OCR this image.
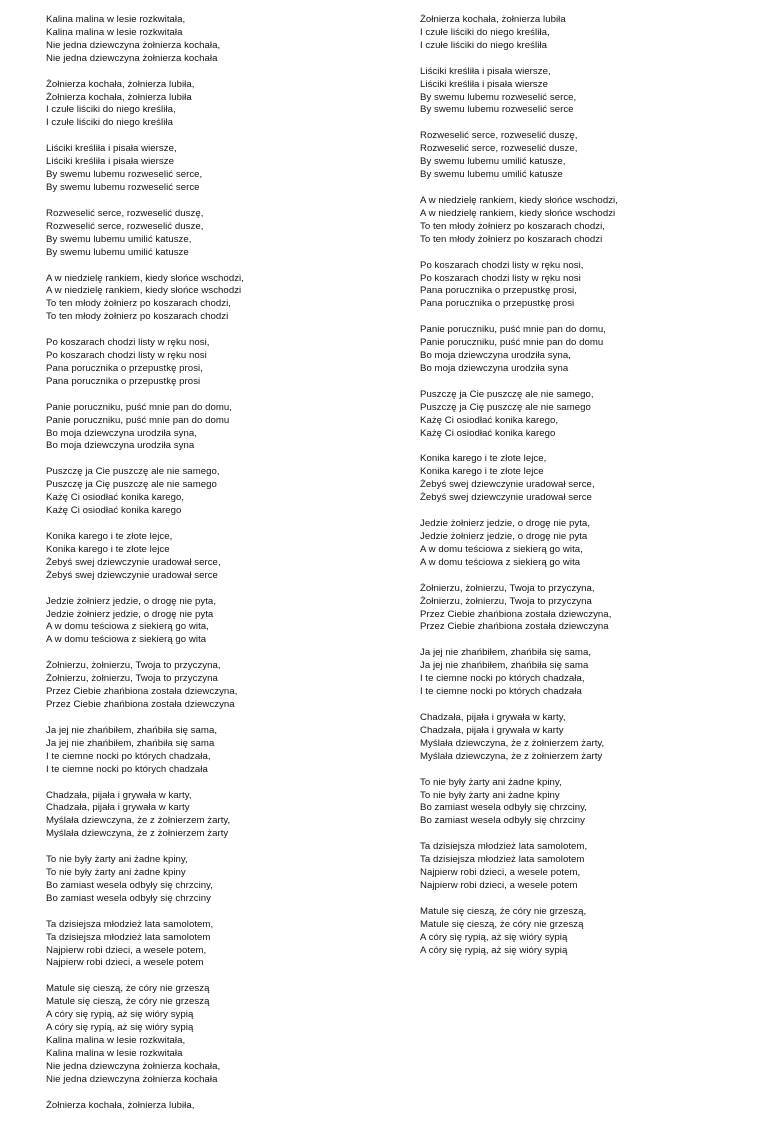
Kalina malina w lesie rozkwitała,
Kalina malina w lesie rozkwitała
Nie jedna dziewczyna żołnierza kochała,
Nie jedna dziewczyna żołnierza kochała
Żołnierza kochała, żołnierza lubiła,
Żołnierza kochała, żołnierza lubiła
I czułe liściki do niego kreśliła,
I czułe liściki do niego kreśliła
Liściki kreśliła i pisała wiersze,
Liściki kreśliła i pisała wiersze
By swemu lubemu rozweselić serce,
By swemu lubemu rozweselić serce
Rozweselić serce, rozweselić duszę,
Rozweselić serce, rozweselić dusze,
By swemu lubemu umilić katusze,
By swemu lubemu umilić katusze
A w niedzielę rankiem, kiedy słońce wschodzi,
A w niedzielę rankiem, kiedy słońce wschodzi
To ten młody żołnierz po koszarach chodzi,
To ten młody żołnierz po koszarach chodzi
Po koszarach chodzi listy w ręku nosi,
Po koszarach chodzi listy w ręku nosi
Pana porucznika o przepustkę prosi,
Pana porucznika o przepustkę prosi
Panie poruczniku, puść mnie pan do domu,
Panie poruczniku, puść mnie pan do domu
Bo moja dziewczyna urodziła syna,
Bo moja dziewczyna urodziła syna
Puszczę ja Cie puszczę ale nie samego,
Puszczę ja Cię puszczę ale nie samego
Każę Ci osiodłać konika karego,
Każę Ci osiodłać konika karego
Konika karego i te złote lejce,
Konika karego i te złote lejce
Żebyś swej dziewczynie uradował serce,
Żebyś swej dziewczynie uradował serce
Jedzie żołnierz jedzie, o drogę nie pyta,
Jedzie żołnierz jedzie, o drogę nie pyta
A w domu teściowa z siekierą go wita,
A w domu teściowa z siekierą go wita
Żołnierzu, żołnierzu, Twoja to przyczyna,
Żołnierzu, żołnierzu, Twoja to przyczyna
Przez Ciebie zhańbiona została dziewczyna,
Przez Ciebie zhańbiona została dziewczyna
Ja jej nie zhańbiłem, zhańbiła się sama,
Ja jej nie zhańbiłem, zhańbiła się sama
I te ciemne nocki po których chadzała,
I te ciemne nocki po których chadzała
Chadzała, pijała i grywała w karty,
Chadzała, pijała i grywała w karty
Myślała dziewczyna, że z żołnierzem żarty,
Myślała dziewczyna, że z żołnierzem żarty
To nie były żarty ani żadne kpiny,
To nie były żarty ani żadne kpiny
Bo zamiast wesela odbyły się chrzciny,
Bo zamiast wesela odbyły się chrzciny
Ta dzisiejsza młodzież lata samolotem,
Ta dzisiejsza młodzież lata samolotem
Najpierw robi dzieci, a wesele potem,
Najpierw robi dzieci, a wesele potem
Matule się cieszą, że córy nie grzeszą
Matule się cieszą, że córy nie grzeszą
A córy się rypią, aż się wióry sypią
A córy się rypią, aż się wióry sypią
Kalina malina w lesie rozkwitała,
Kalina malina w lesie rozkwitała
Nie jedna dziewczyna żołnierza kochała,
Nie jedna dziewczyna żołnierza kochała
Żołnierza kochała, żołnierza lubiła,
Żołnierza kochała, żołnierza lubiła
I czułe liściki do niego kreśliła,
I czułe liściki do niego kreśliła
Liściki kreśliła i pisała wiersze,
Liściki kreśliła i pisała wiersze
By swemu lubemu rozweselić serce,
By swemu lubemu rozweselić serce
Rozweselić serce, rozweselić duszę,
Rozweselić serce, rozweselić dusze,
By swemu lubemu umilić katusze,
By swemu lubemu umilić katusze
A w niedzielę rankiem, kiedy słońce wschodzi,
A w niedzielę rankiem, kiedy słońce wschodzi
To ten młody żołnierz po koszarach chodzi,
To ten młody żołnierz po koszarach chodzi
Po koszarach chodzi listy w ręku nosi,
Po koszarach chodzi listy w ręku nosi
Pana porucznika o przepustkę prosi,
Pana porucznika o przepustkę prosi
Panie poruczniku, puść mnie pan do domu,
Panie poruczniku, puść mnie pan do domu
Bo moja dziewczyna urodziła syna,
Bo moja dziewczyna urodziła syna
Puszczę ja Cie puszczę ale nie samego,
Puszczę ja Cię puszczę ale nie samego
Każę Ci osiodłać konika karego,
Każę Ci osiodłać konika karego
Konika karego i te złote lejce,
Konika karego i te złote lejce
Żebyś swej dziewczynie uradował serce,
Żebyś swej dziewczynie uradował serce
Jedzie żołnierz jedzie, o drogę nie pyta,
Jedzie żołnierz jedzie, o drogę nie pyta
A w domu teściowa z siekierą go wita,
A w domu teściowa z siekierą go wita
Żołnierzu, żołnierzu, Twoja to przyczyna,
Żołnierzu, żołnierzu, Twoja to przyczyna
Przez Ciebie zhańbiona została dziewczyna,
Przez Ciebie zhańbiona została dziewczyna
Ja jej nie zhańbiłem, zhańbiła się sama,
Ja jej nie zhańbiłem, zhańbiła się sama
I te ciemne nocki po których chadzała,
I te ciemne nocki po których chadzała
Chadzała, pijała i grywała w karty,
Chadzała, pijała i grywała w karty
Myślała dziewczyna, że z żołnierzem żarty,
Myślała dziewczyna, że z żołnierzem żarty
To nie były żarty ani żadne kpiny,
To nie były żarty ani żadne kpiny
Bo zamiast wesela odbyły się chrzciny,
Bo zamiast wesela odbyły się chrzciny
Ta dzisiejsza młodzież lata samolotem,
Ta dzisiejsza młodzież lata samolotem
Najpierw robi dzieci, a wesele potem,
Najpierw robi dzieci, a wesele potem
Matule się cieszą, że córy nie grzeszą,
Matule się cieszą, że córy nie grzeszą
A córy się rypią, aż się wióry sypią
A córy się rypią, aż się wióry sypią
